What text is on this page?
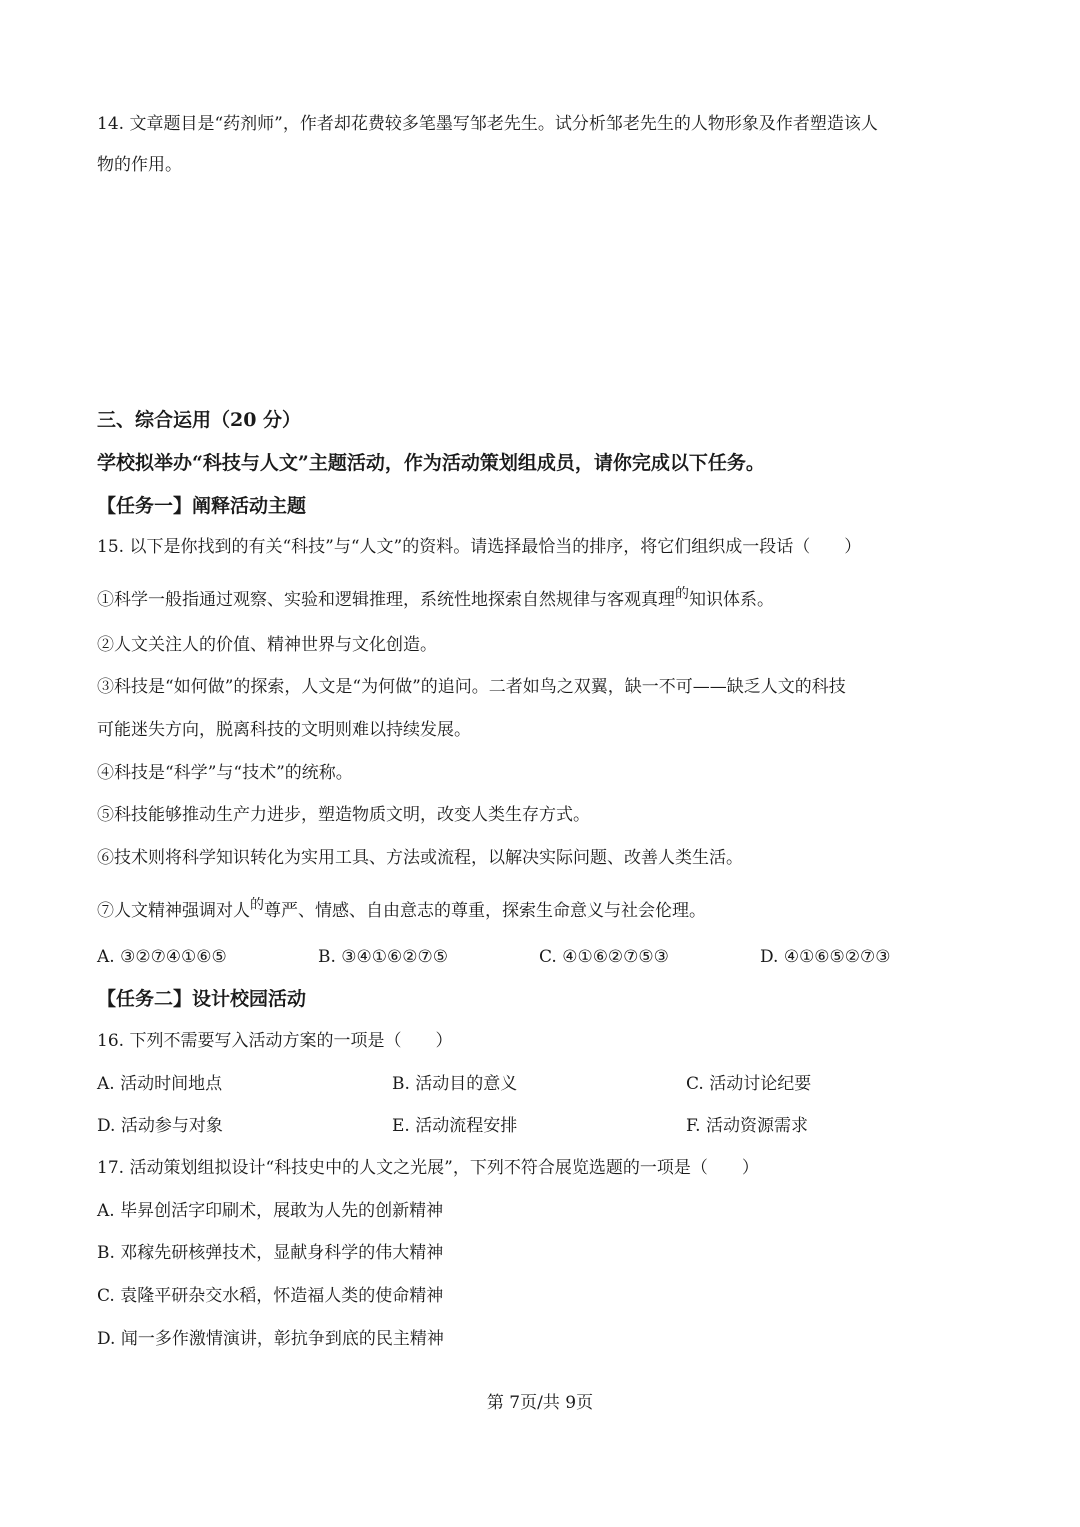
14. 文章题目是“药剂师”，作者却花费较多笔墨写邹老先生。试分析邹老先生的人物形象及作者塑造该人
物的作用。
三、综合运用（20 分）
学校拟举办“科技与人文”主题活动，作为活动策划组成员，请你完成以下任务。
【任务一】阐释活动主题
15. 以下是你找到的有关“科技”与“人文”的资料。请选择最恰当的排序，将它们组织成一段话（　　）
①科学一般指通过观察、实验和逻辑推理，系统性地探索自然规律与客观真理$^的$知识体系。
②人文关注人的价值、精神世界与文化创造。
③科技是“如何做”的探索，人文是“为何做”的追问。二者如鸟之双翼，缺一不可——缺乏人文的科技
可能迷失方向，脱离科技的文明则难以持续发展。
④科技是“科学”与“技术”的统称。
⑤科技能够推动生产力进步，塑造物质文明，改变人类生存方式。
⑥技术则将科学知识转化为实用工具、方法或流程，以解决实际问题、改善人类生活。
⑦人文精神强调对人$^的$尊严、情感、自由意志的尊重，探索生命意义与社会伦理。
A. ③②⑦④①⑥⑤	B. ③④①⑥②⑦⑤	C. ④①⑥②⑦⑤③	D. ④①⑥⑤②⑦③
【任务二】设计校园活动
16. 下列不需要写入活动方案的一项是（　　）
A. 活动时间地点	B. 活动目的意义	C. 活动讨论纪要
D. 活动参与对象	E. 活动流程安排	F. 活动资源需求
17. 活动策划组拟设计“科技史中的人文之光展”，下列不符合展览选题的一项是（　　）
A. 毕昇创活字印刷术，展敢为人先的创新精神
B. 邓稼先研核弹技术，显献身科学的伟大精神
C. 袁隆平研杂交水稻，怀造福人类的使命精神
D. 闻一多作激情演讲，彰抗争到底的民主精神
第 7页/共 9页
